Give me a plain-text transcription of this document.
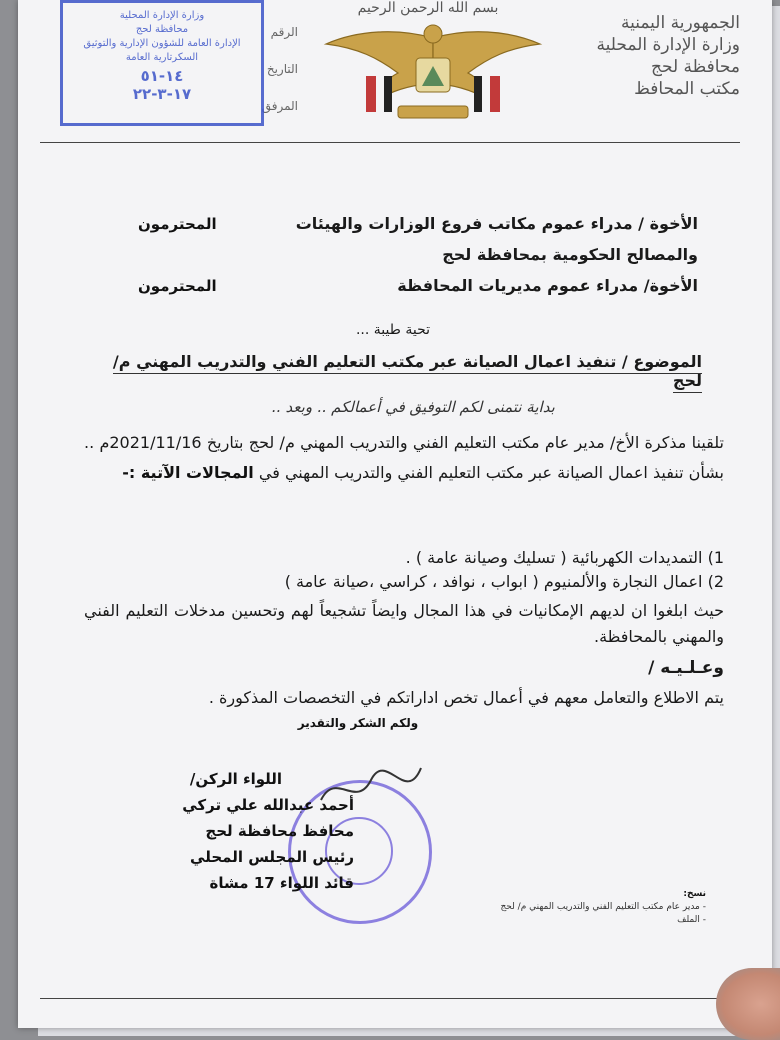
الجمهورية اليمنية
وزارة الإدارة المحلية
محافظة لحج
مكتب المحافظ
بسم الله الرحمن الرحيم
الرقم
التاريخ
المرفق
وزارة الإدارة المحلية
محافظة لحج
الإدارة العامة للشؤون الإدارية والتوثيق
السكرتارية العامة
١٤-٥١
١٧-٣-٢٢
الأخوة / مدراء عموم مكاتب فروع الوزارات والهيئات
المحترمون
والمصالح الحكومية بمحافظة لحج
الأخوة/ مدراء عموم مديريات المحافظة
المحترمون
تحية طيبة ...
الموضوع / تنفيذ اعمال الصيانة عبر مكتب التعليم الفني والتدريب المهني م/ لحج
بداية نتمنى لكم التوفيق في أعمالكم .. وبعد ..
تلقينا مذكرة الأخ/ مدير عام مكتب التعليم الفني والتدريب المهني م/ لحج بتاريخ 2021/11/16م .. بشأن تنفيذ اعمال الصيانة عبر مكتب التعليم الفني والتدريب المهني في المجالات الآتية :-
1) التمديدات الكهربائية ( تسليك وصيانة عامة ) .
2) اعمال النجارة والألمنيوم ( ابواب ، نوافد ، كراسي ،صيانة عامة )
حيث ابلغوا ان لديهم الإمكانيات في هذا المجال وايضاً تشجيعاً لهم وتحسين مدخلات التعليم الفني والمهني بالمحافظة.
وعـلـيـه /
يتم الاطلاع والتعامل معهم في أعمال تخص اداراتكم في التخصصات المذكورة .
ولكم الشكر والتقدير
اللواء الركن/
أحمد عبدالله علي تركي
محافظ محافظة لحج
رئيس المجلس المحلي
قائد اللواء 17 مشاة
نسخ:
- مدير عام مكتب التعليم الفني والتدريب المهني م/ لحج
- الملف
